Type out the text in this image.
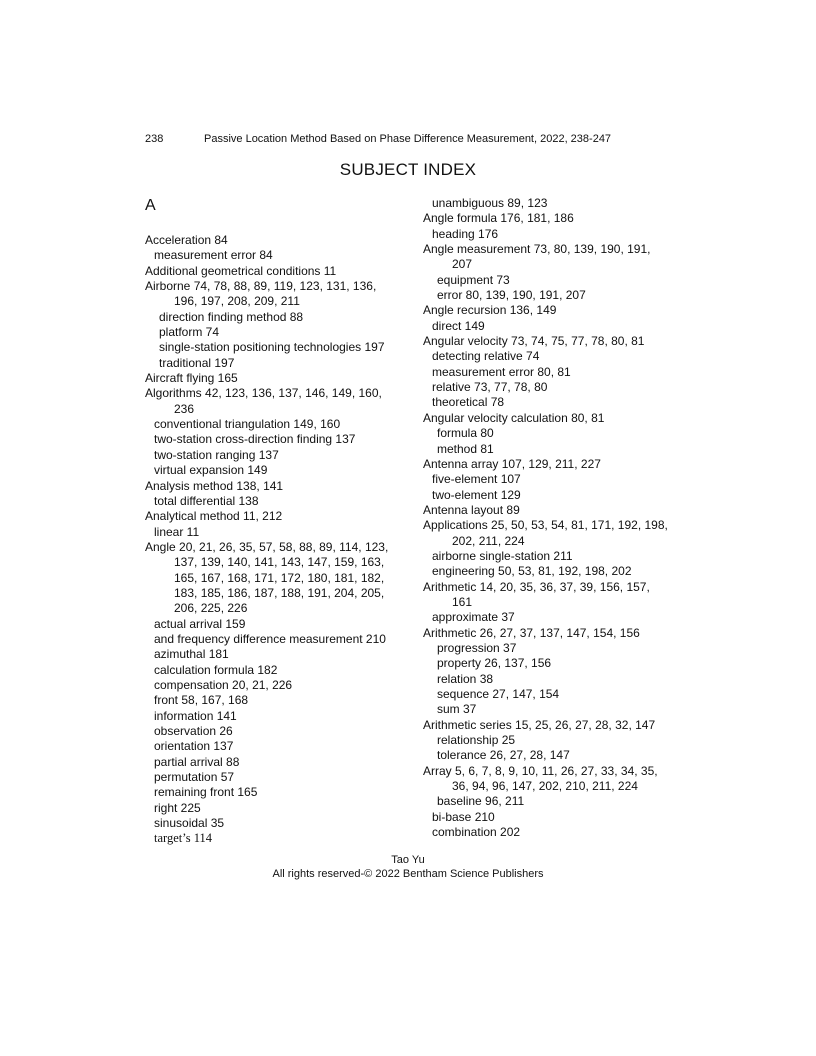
238	Passive Location Method Based on Phase Difference Measurement, 2022, 238-247
SUBJECT INDEX
A
Acceleration 84
measurement error 84
Additional geometrical conditions 11
Airborne 74, 78, 88, 89, 119, 123, 131, 136,
196, 197, 208, 209, 211
direction finding method 88
platform 74
single-station positioning technologies 197
traditional 197
Aircraft flying 165
Algorithms 42, 123, 136, 137, 146, 149, 160,
236
conventional triangulation 149, 160
two-station cross-direction finding 137
two-station ranging 137
virtual expansion 149
Analysis method 138, 141
total differential 138
Analytical method 11, 212
linear 11
Angle 20, 21, 26, 35, 57, 58, 88, 89, 114, 123,
137, 139, 140, 141, 143, 147, 159, 163,
165, 167, 168, 171, 172, 180, 181, 182,
183, 185, 186, 187, 188, 191, 204, 205,
206, 225, 226
actual arrival 159
and frequency difference measurement 210
azimuthal 181
calculation formula 182
compensation 20, 21, 226
front 58, 167, 168
information 141
observation 26
orientation 137
partial arrival 88
permutation 57
remaining front 165
right 225
sinusoidal 35
target’s 114
unambiguous 89, 123
Angle formula 176, 181, 186
heading 176
Angle measurement 73, 80, 139, 190, 191,
207
equipment 73
error 80, 139, 190, 191, 207
Angle recursion 136, 149
direct 149
Angular velocity 73, 74, 75, 77, 78, 80, 81
detecting relative 74
measurement error 80, 81
relative 73, 77, 78, 80
theoretical 78
Angular velocity calculation 80, 81
formula 80
method 81
Antenna array 107, 129, 211, 227
five-element 107
two-element 129
Antenna layout 89
Applications 25, 50, 53, 54, 81, 171, 192, 198,
202, 211, 224
airborne single-station 211
engineering 50, 53, 81, 192, 198, 202
Arithmetic 14, 20, 35, 36, 37, 39, 156, 157,
161
approximate 37
Arithmetic 26, 27, 37, 137, 147, 154, 156
progression 37
property 26, 137, 156
relation 38
sequence 27, 147, 154
sum 37
Arithmetic series 15, 25, 26, 27, 28, 32, 147
relationship 25
tolerance 26, 27, 28, 147
Array 5, 6, 7, 8, 9, 10, 11, 26, 27, 33, 34, 35,
36, 94, 96, 147, 202, 210, 211, 224
baseline 96, 211
bi-base 210
combination 202
Tao Yu
All rights reserved-© 2022 Bentham Science Publishers
